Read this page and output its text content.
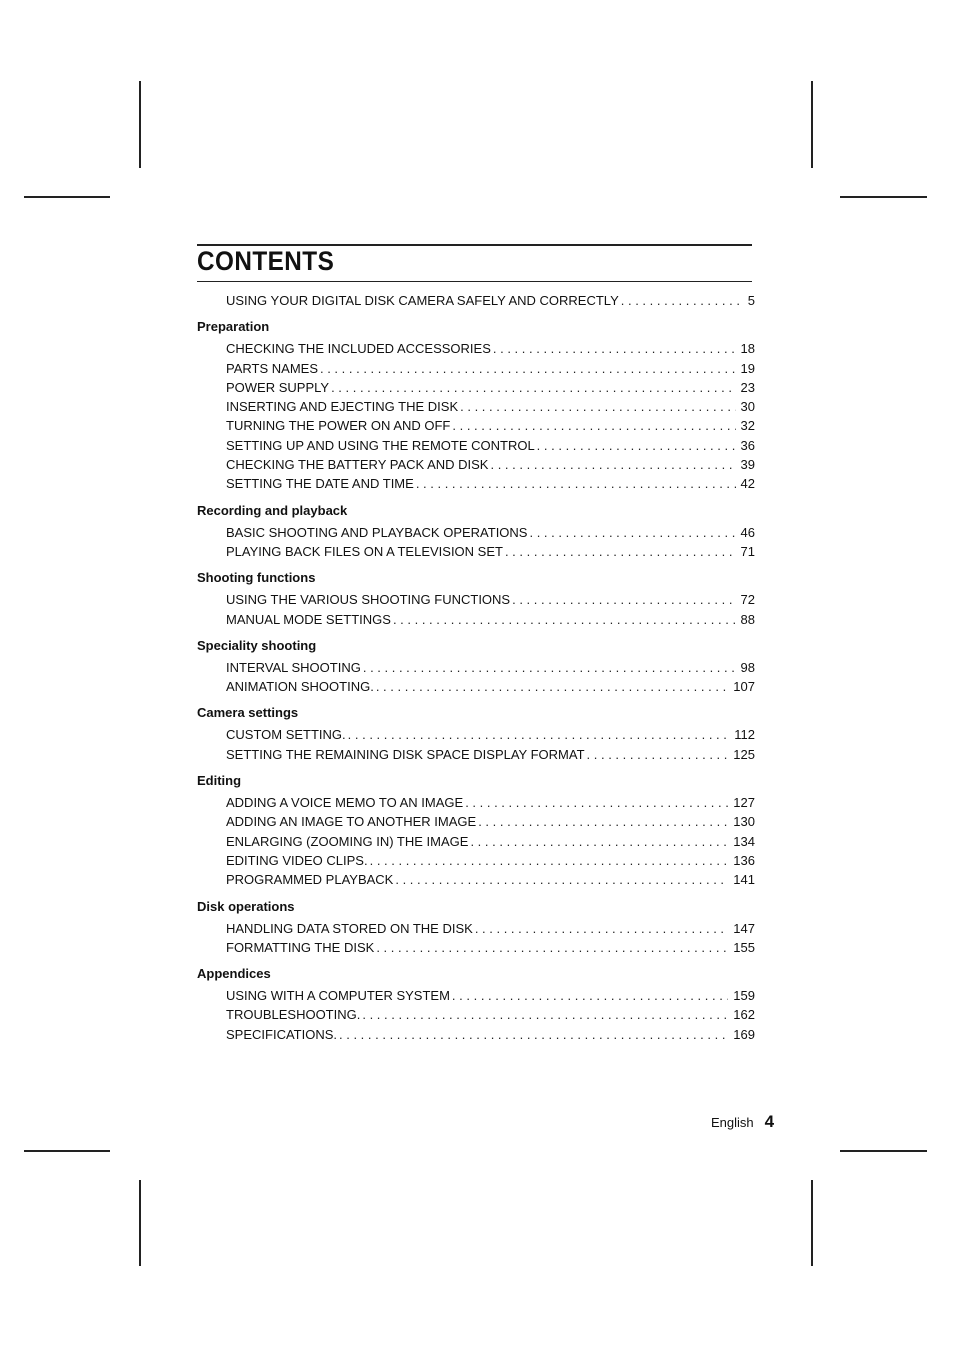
CONTENTS
USING YOUR DIGITAL DISK CAMERA SAFELY AND CORRECTLY . . .	5
Preparation
CHECKING THE INCLUDED ACCESSORIES . . .	18
PARTS NAMES . . .	19
POWER SUPPLY . . .	23
INSERTING AND EJECTING THE DISK . . .	30
TURNING THE POWER ON AND OFF . . .	32
SETTING UP AND USING THE REMOTE CONTROL . . .	36
CHECKING THE BATTERY PACK AND DISK . . .	39
SETTING THE DATE AND TIME . . .	42
Recording and playback
BASIC SHOOTING AND PLAYBACK OPERATIONS . . .	46
PLAYING BACK FILES ON A TELEVISION SET . . .	71
Shooting functions
USING THE VARIOUS SHOOTING FUNCTIONS . . .	72
MANUAL MODE SETTINGS . . .	88
Speciality shooting
INTERVAL SHOOTING . . .	98
ANIMATION SHOOTING. . . .	107
Camera settings
CUSTOM SETTING. . . .	112
SETTING THE REMAINING DISK SPACE DISPLAY FORMAT . . .	125
Editing
ADDING A VOICE MEMO TO AN IMAGE . . .	127
ADDING AN IMAGE TO ANOTHER IMAGE . . .	130
ENLARGING (ZOOMING IN) THE IMAGE . . .	134
EDITING VIDEO CLIPS. . . .	136
PROGRAMMED PLAYBACK . . .	141
Disk operations
HANDLING DATA STORED ON THE DISK . . .	147
FORMATTING THE DISK . . .	155
Appendices
USING WITH A COMPUTER SYSTEM . . .	159
TROUBLESHOOTING. . . .	162
SPECIFICATIONS. . . .	169
English 4
